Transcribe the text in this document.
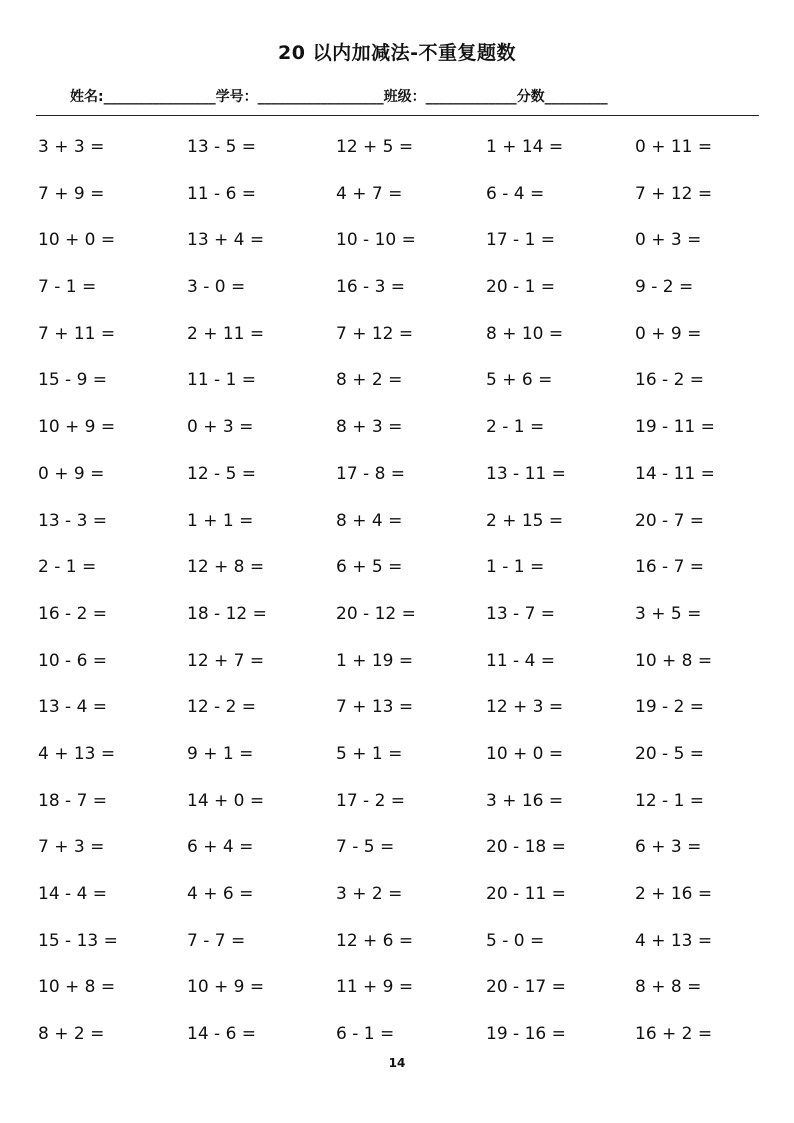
20 以内加减法-不重复题数
姓名:________________学号：__________________班级：_____________分数_________
3 + 3 =	13 - 5 =	12 + 5 =	1 + 14 =	0 + 11 =
7 + 9 =	11 - 6 =	4 + 7 =	6 - 4 =	7 + 12 =
10 + 0 =	13 + 4 =	10 - 10 =	17 - 1 =	0 + 3 =
7 - 1 =	3 - 0 =	16 - 3 =	20 - 1 =	9 - 2 =
7 + 11 =	2 + 11 =	7 + 12 =	8 + 10 =	0 + 9 =
15 - 9 =	11 - 1 =	8 + 2 =	5 + 6 =	16 - 2 =
10 + 9 =	0 + 3 =	8 + 3 =	2 - 1 =	19 - 11 =
0 + 9 =	12 - 5 =	17 - 8 =	13 - 11 =	14 - 11 =
13 - 3 =	1 + 1 =	8 + 4 =	2 + 15 =	20 - 7 =
2 - 1 =	12 + 8 =	6 + 5 =	1 - 1 =	16 - 7 =
16 - 2 =	18 - 12 =	20 - 12 =	13 - 7 =	3 + 5 =
10 - 6 =	12 + 7 =	1 + 19 =	11 - 4 =	10 + 8 =
13 - 4 =	12 - 2 =	7 + 13 =	12 + 3 =	19 - 2 =
4 + 13 =	9 + 1 =	5 + 1 =	10 + 0 =	20 - 5 =
18 - 7 =	14 + 0 =	17 - 2 =	3 + 16 =	12 - 1 =
7 + 3 =	6 + 4 =	7 - 5 =	20 - 18 =	6 + 3 =
14 - 4 =	4 + 6 =	3 + 2 =	20 - 11 =	2 + 16 =
15 - 13 =	7 - 7 =	12 + 6 =	5 - 0 =	4 + 13 =
10 + 8 =	10 + 9 =	11 + 9 =	20 - 17 =	8 + 8 =
8 + 2 =	14 - 6 =	6 - 1 =	19 - 16 =	16 + 2 =
14
